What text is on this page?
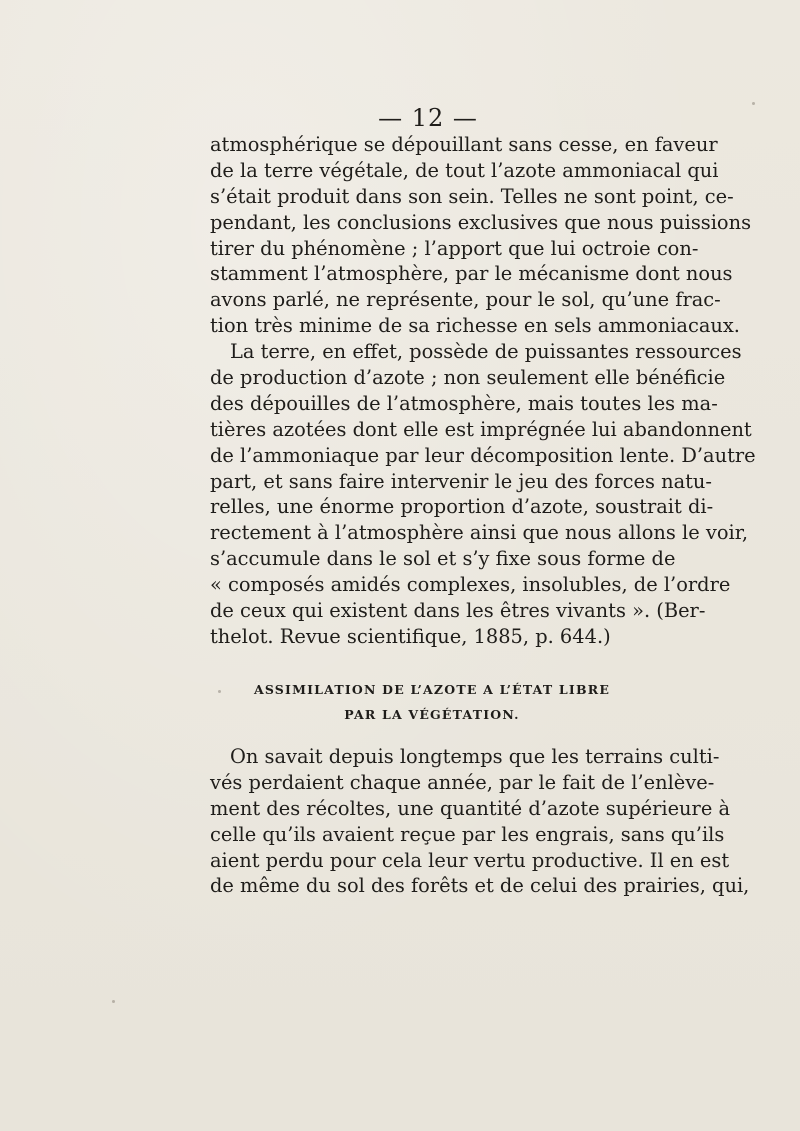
— 12 —
atmosphérique se dépouillant sans cesse, en faveur
de la terre végétale, de tout l’azote ammoniacal qui
s’était produit dans son sein. Telles ne sont point, ce-
pendant, les conclusions exclusives que nous puissions
tirer du phénomène ; l’apport que lui octroie con-
stamment l’atmosphère, par le mécanisme dont nous
avons parlé, ne représente, pour le sol, qu’une frac-
tion très minime de sa richesse en sels ammoniacaux.
La terre, en effet, possède de puissantes ressources
de production d’azote ; non seulement elle bénéficie
des dépouilles de l’atmosphère, mais toutes les ma-
tières azotées dont elle est imprégnée lui abandonnent
de l’ammoniaque par leur décomposition lente. D’autre
part, et sans faire intervenir le jeu des forces natu-
relles, une énorme proportion d’azote, soustrait di-
rectement à l’atmosphère ainsi que nous allons le voir,
s’accumule dans le sol et s’y fixe sous forme de
« composés amidés complexes, insolubles, de l’ordre
de ceux qui existent dans les êtres vivants ». (Ber-
thelot. Revue scientifique, 1885, p. 644.)
ASSIMILATION DE L’AZOTE A L’ÉTAT LIBRE
PAR LA VÉGÉTATION.
On savait depuis longtemps que les terrains culti-
vés perdaient chaque année, par le fait de l’enlève-
ment des récoltes, une quantité d’azote supérieure à
celle qu’ils avaient reçue par les engrais, sans qu’ils
aient perdu pour cela leur vertu productive. Il en est
de même du sol des forêts et de celui des prairies, qui,
